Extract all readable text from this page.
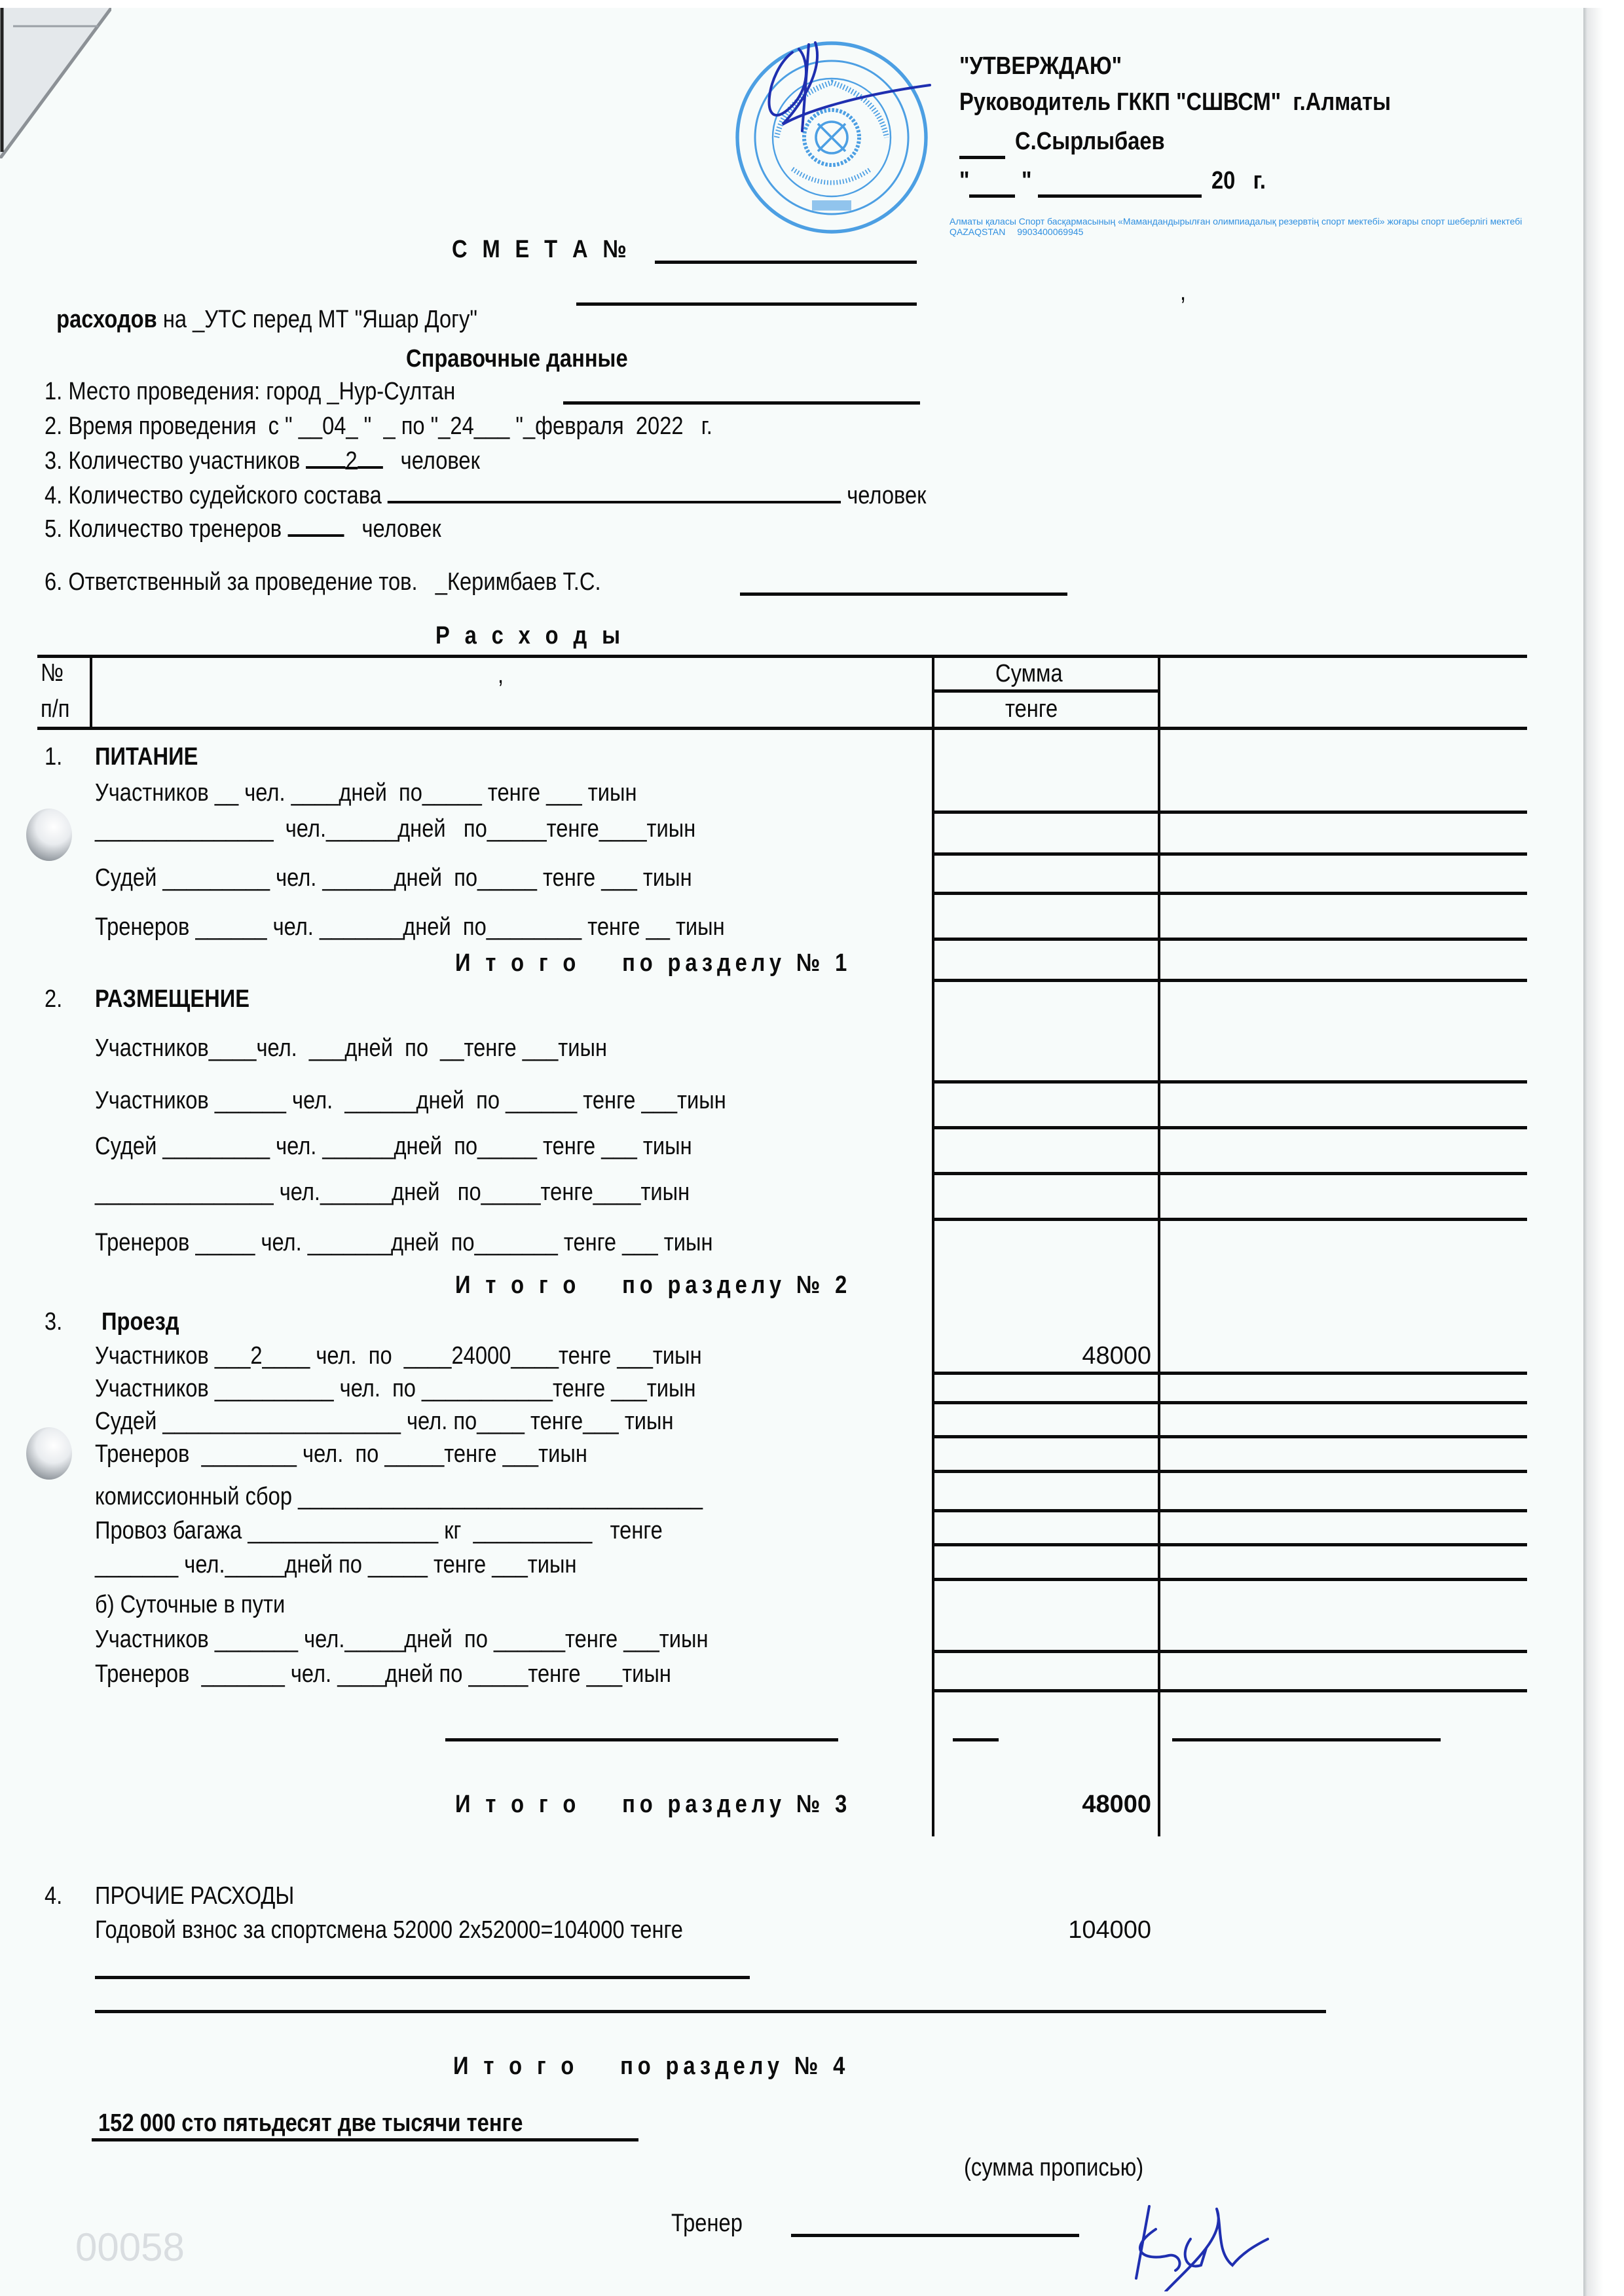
00058
Алматы қаласы Спорт басқармасының «Мамандандырылған олимпиадалық резервтің спорт мектебі» жоғары спорт шеберлігі мектебі QAZAQSTAN 9903400069945
"УТВЕРЖДАЮ"
Руководитель ГККП "СШВСМ"  г.Алматы
С.Сырлыбаев
" "	20   г.
С М Е Т А №

расходов на _УТС перед МТ "Яшар Догу"

,
Справочные данные
1. Место проведения: город _Нур-Султан
2. Время проведения  с " __04_ "  _ по "_24___ "_февраля  2022   г.
3. Количество участников 2   человек
4. Количество судейского состава	человек
5. Количество тренеров    человек
6. Ответственный за проведение тов.   _Керимбаев Т.С.
Р а с х о д ы
№
п/п
,	Сумма
тенге
1. ПИТАНИЕ
Участников __ чел. ____дней  по_____ тенге ___ тиын
_______________  чел.______дней   по_____тенге____тиын
Судей _________ чел. ______дней  по_____ тенге ___ тиын
Тренеров ______ чел. _______дней  по________ тенге __ тиын
И т о г о    по разделу № 1
2. РАЗМЕЩЕНИЕ
Участников____чел.  ___дней  по  __тенге ___тиын
Участников ______ чел.  ______дней  по ______ тенге ___тиын
Судей _________ чел. ______дней  по_____ тенге ___ тиын
_______________ чел.______дней   по_____тенге____тиын
Тренеров _____ чел. _______дней  по_______ тенге ___ тиын
И т о г о    по разделу № 2
3. Проезд
Участников ___2____ чел.  по  ____24000____тенге ___тиын	48000
Участников __________ чел.  по ___________тенге ___тиын
Судей ____________________ чел. по____ тенге___ тиын
Тренеров  ________ чел.  по _____тенге ___тиын
комиссионный сбор __________________________________
Провоз багажа ________________ кг  __________   тенге
_______ чел._____дней по _____ тенге ___тиын
б) Суточные в пути
Участников _______ чел._____дней  по ______тенге ___тиын
Тренеров  _______ чел. ____дней по _____тенге ___тиын
И т о г о    по разделу № 3	48000
4. ПРОЧИЕ РАСХОДЫ
Годовой взнос за спортсмена 52000 2х52000=104000 тенге	104000
И т о г о    по разделу № 4
152 000 сто пятьдесят две тысячи тенге
(сумма прописью)
Тренер
